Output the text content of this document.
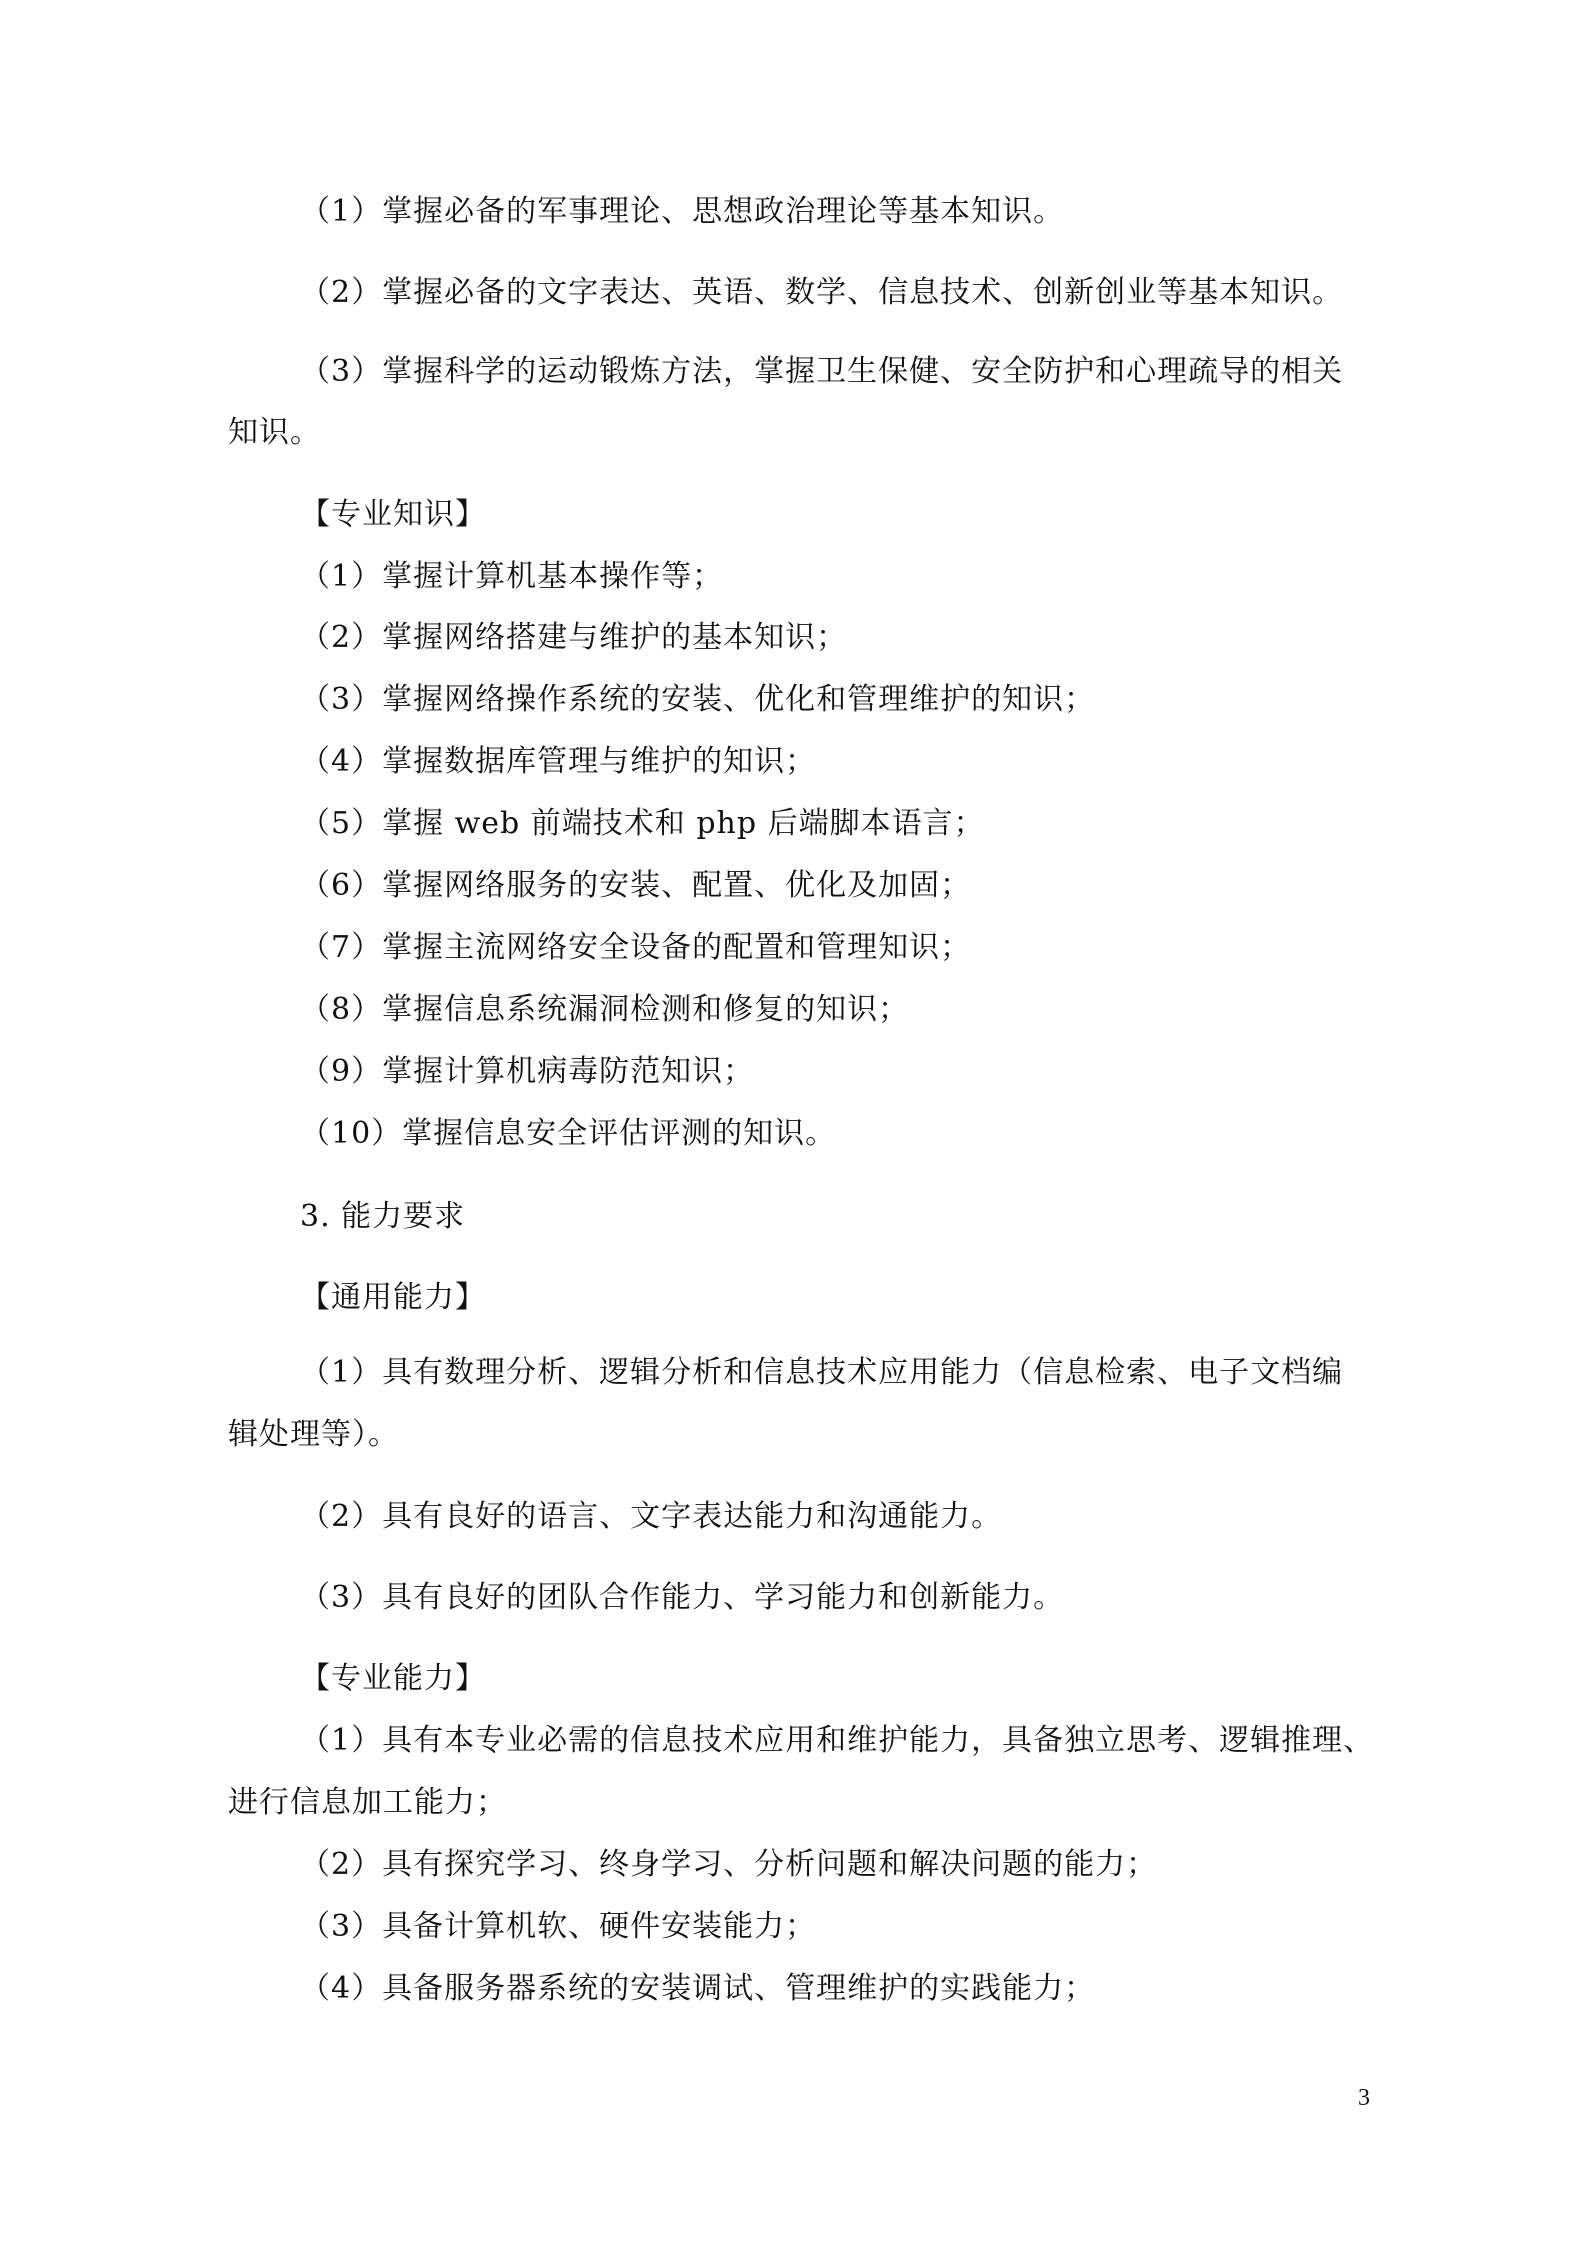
（1）掌握必备的军事理论、思想政治理论等基本知识。
（2）掌握必备的文字表达、英语、数学、信息技术、创新创业等基本知识。
（3）掌握科学的运动锻炼方法，掌握卫生保健、安全防护和心理疏导的相关
知识。
【专业知识】
（1）掌握计算机基本操作等；
（2）掌握网络搭建与维护的基本知识；
（3）掌握网络操作系统的安装、优化和管理维护的知识；
（4）掌握数据库管理与维护的知识；
（5）掌握 web 前端技术和 php 后端脚本语言；
（6）掌握网络服务的安装、配置、优化及加固；
（7）掌握主流网络安全设备的配置和管理知识；
（8）掌握信息系统漏洞检测和修复的知识；
（9）掌握计算机病毒防范知识；
（10）掌握信息安全评估评测的知识。
3. 能力要求
【通用能力】
（1）具有数理分析、逻辑分析和信息技术应用能力（信息检索、电子文档编
辑处理等）。
（2）具有良好的语言、文字表达能力和沟通能力。
（3）具有良好的团队合作能力、学习能力和创新能力。
【专业能力】
（1）具有本专业必需的信息技术应用和维护能力，具备独立思考、逻辑推理、
进行信息加工能力；
（2）具有探究学习、终身学习、分析问题和解决问题的能力；
（3）具备计算机软、硬件安装能力；
（4）具备服务器系统的安装调试、管理维护的实践能力；
3
